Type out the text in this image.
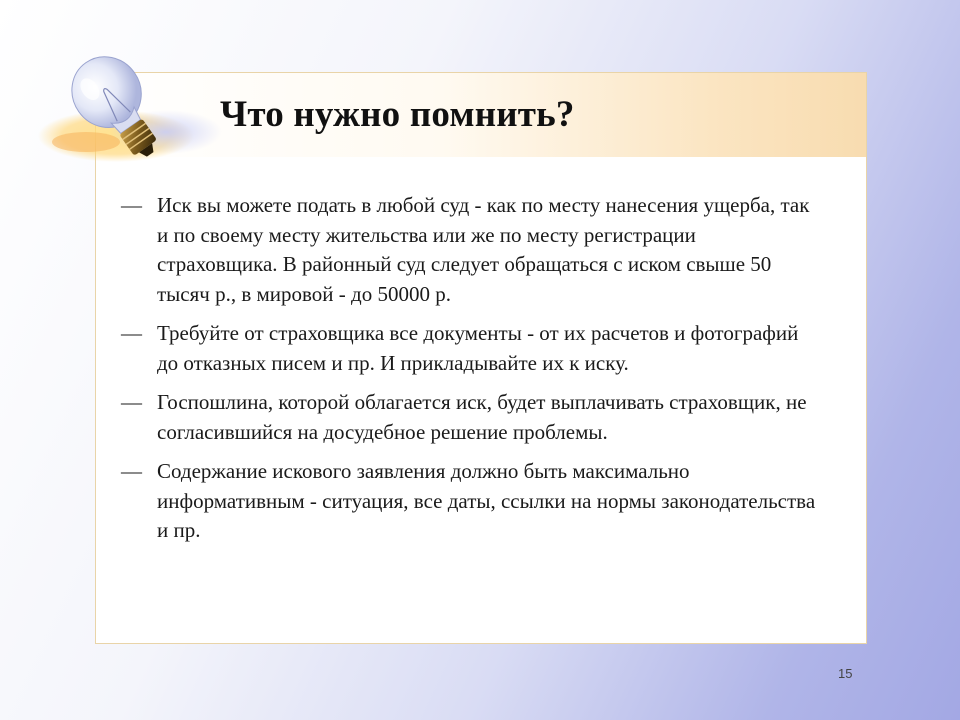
Что нужно помнить?
— Иск вы можете подать в любой суд - как по месту нанесения ущерба, так и по своему месту жительства или же по месту регистрации страховщика. В районный суд следует обращаться с иском свыше 50 тысяч р., в мировой - до 50000 р.
— Требуйте от страховщика все документы - от их расчетов и фотографий до отказных писем и пр. И прикладывайте их к иску.
— Госпошлина, которой облагается иск, будет выплачивать страховщик, не согласившийся на досудебное решение проблемы.
— Содержание искового заявления должно быть максимально информативным - ситуация, все даты, ссылки на нормы законодательства и пр.
15
